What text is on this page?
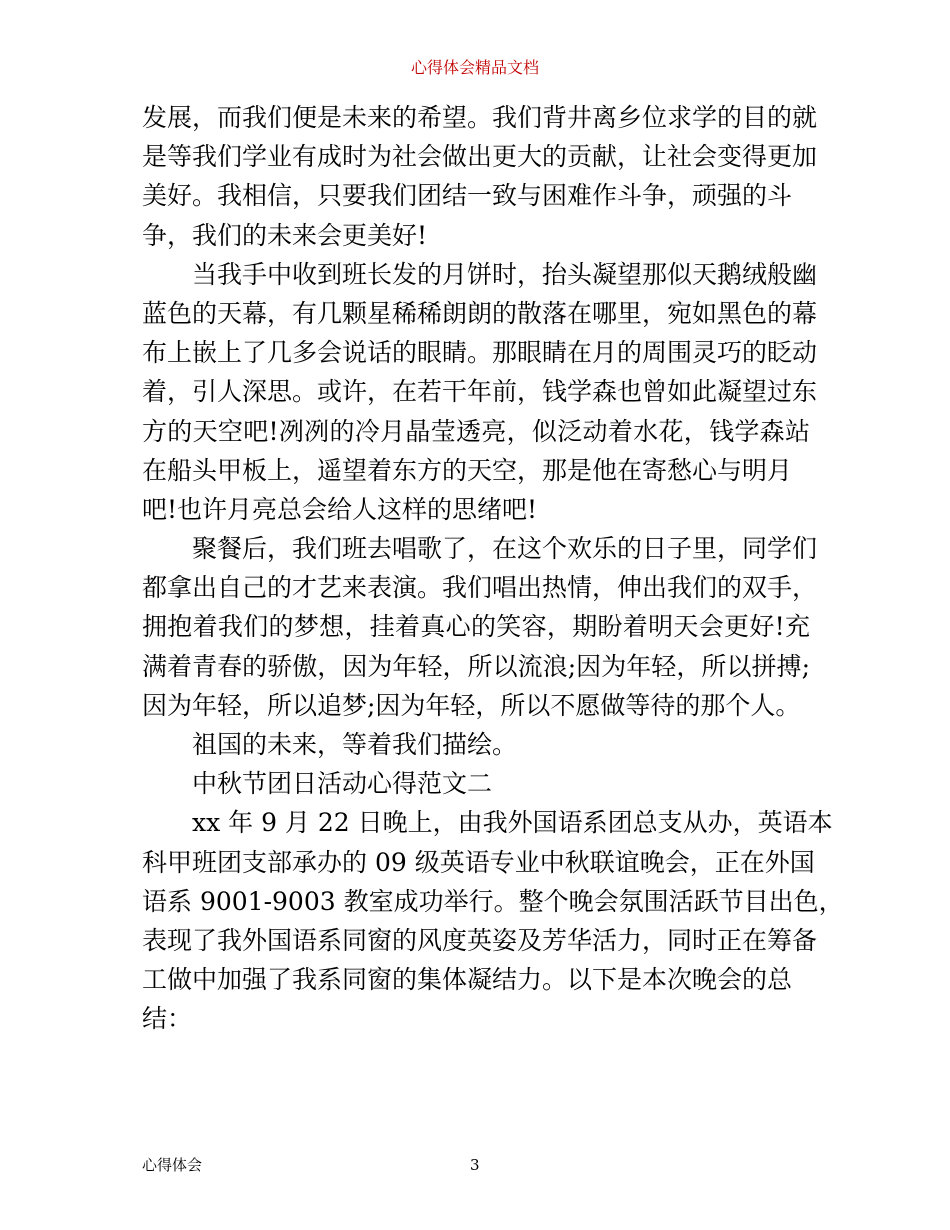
心得体会精品文档
发展，而我们便是未来的希望。我们背井离乡位求学的目的就
是等我们学业有成时为社会做出更大的贡献，让社会变得更加
美好。我相信，只要我们团结一致与困难作斗争，顽强的斗
争，我们的未来会更美好!
当我手中收到班长发的月饼时，抬头凝望那似天鹅绒般幽
蓝色的天幕，有几颗星稀稀朗朗的散落在哪里，宛如黑色的幕
布上嵌上了几多会说话的眼睛。那眼睛在月的周围灵巧的眨动
着，引人深思。或许，在若干年前，钱学森也曾如此凝望过东
方的天空吧!冽冽的冷月晶莹透亮，似泛动着水花，钱学森站
在船头甲板上，遥望着东方的天空，那是他在寄愁心与明月
吧!也许月亮总会给人这样的思绪吧!
聚餐后，我们班去唱歌了，在这个欢乐的日子里，同学们
都拿出自己的才艺来表演。我们唱出热情，伸出我们的双手，
拥抱着我们的梦想，挂着真心的笑容，期盼着明天会更好!充
满着青春的骄傲，因为年轻，所以流浪;因为年轻，所以拼搏;
因为年轻，所以追梦;因为年轻，所以不愿做等待的那个人。
祖国的未来，等着我们描绘。
中秋节团日活动心得范文二
xx 年 9 月 22 日晚上，由我外国语系团总支从办，英语本
科甲班团支部承办的 09 级英语专业中秋联谊晚会，正在外国
语系 9001-9003 教室成功举行。整个晚会氛围活跃节目出色，
表现了我外国语系同窗的风度英姿及芳华活力，同时正在筹备
工做中加强了我系同窗的集体凝结力。以下是本次晚会的总
结：
心得体会	3
